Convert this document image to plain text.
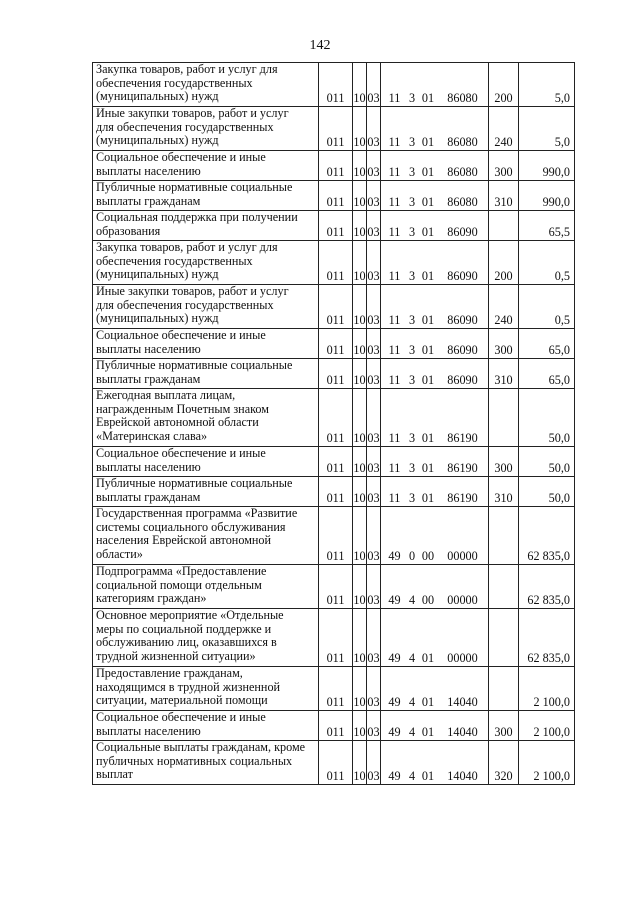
142
Закупка товаров, работ и услуг для
обеспечения государственных
(муниципальных) нужд	011	10	03	11 3 01 86080	200	5,0

Иные закупки товаров, работ и услуг
для обеспечения государственных
(муниципальных) нужд	011	10	03	11 3 01 86080	240	5,0

Социальное обеспечение и иные
выплаты населению	011	10	03	11 3 01 86080	300	990,0

Публичные нормативные социальные
выплаты гражданам	011	10	03	11 3 01 86080	310	990,0

Социальная поддержка при получении
образования	011	10	03	11 3 01 86090		65,5

Закупка товаров, работ и услуг для
обеспечения государственных
(муниципальных) нужд	011	10	03	11 3 01 86090	200	0,5

Иные закупки товаров, работ и услуг
для обеспечения государственных
(муниципальных) нужд	011	10	03	11 3 01 86090	240	0,5

Социальное обеспечение и иные
выплаты населению	011	10	03	11 3 01 86090	300	65,0

Публичные нормативные социальные
выплаты гражданам	011	10	03	11 3 01 86090	310	65,0

Ежегодная выплата лицам,
награжденным Почетным знаком
Еврейской автономной области
«Материнская слава»	011	10	03	11 3 01 86190		50,0

Социальное обеспечение и иные
выплаты населению	011	10	03	11 3 01 86190	300	50,0

Публичные нормативные социальные
выплаты гражданам	011	10	03	11 3 01 86190	310	50,0

Государственная программа «Развитие
системы социального обслуживания
населения Еврейской автономной
области»	011	10	03	49 0 00 00000		62 835,0

Подпрограмма «Предоставление
социальной помощи отдельным
категориям граждан»	011	10	03	49 4 00 00000		62 835,0

Основное мероприятие «Отдельные
меры по социальной поддержке и
обслуживанию лиц, оказавшихся в
трудной жизненной ситуации»	011	10	03	49 4 01 00000		62 835,0

Предоставление гражданам,
находящимся в трудной жизненной
ситуации, материальной помощи	011	10	03	49 4 01 14040		2 100,0

Социальное обеспечение и иные
выплаты населению	011	10	03	49 4 01 14040	300	2 100,0

Социальные выплаты гражданам, кроме
публичных нормативных социальных
выплат	011	10	03	49 4 01 14040	320	2 100,0
